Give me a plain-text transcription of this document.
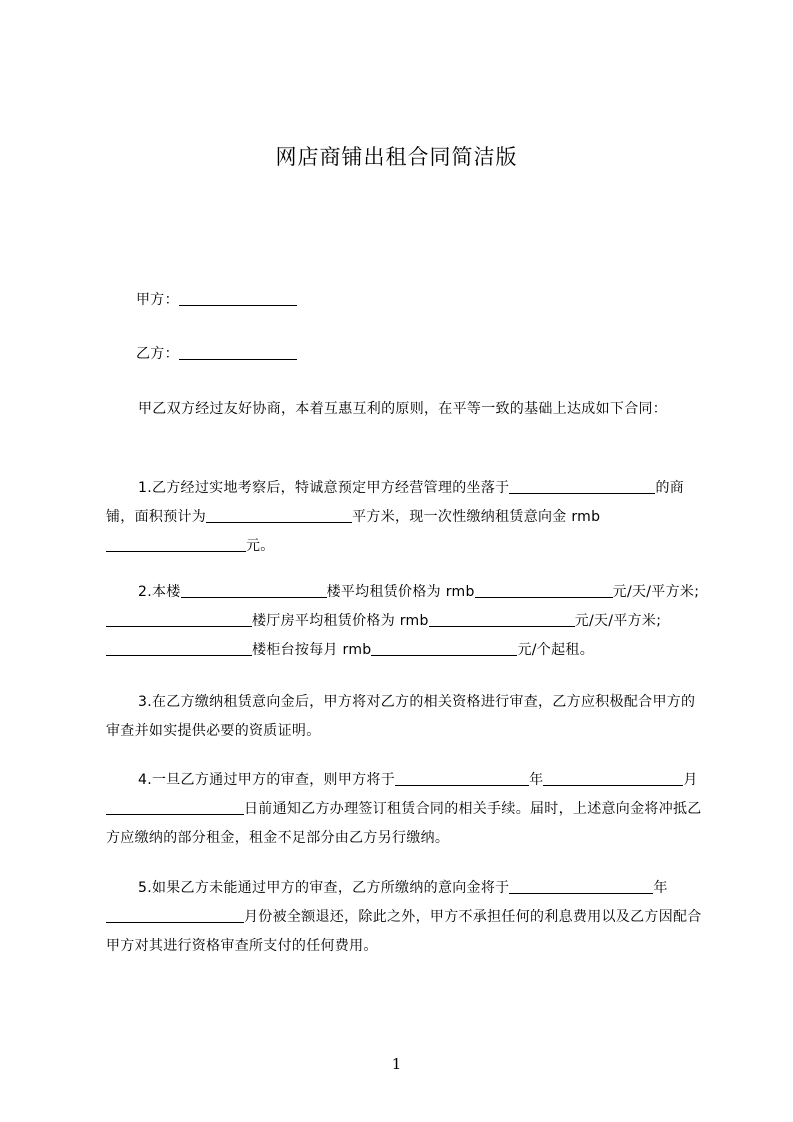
网店商铺出租合同简洁版
甲方：
乙方：
甲乙双方经过友好协商，本着互惠互利的原则，在平等一致的基础上达成如下合同：
1.乙方经过实地考察后，特诚意预定甲方经营管理的坐落于	的商铺，面积预计为	平方米，现一次性缴纳租赁意向金 rmb元。
2.本楼	楼平均租赁价格为 rmb	元/天/平方米;楼厅房平均租赁价格为 rmb	元/天/平方米;楼柜台按每月 rmb	元/个起租。
3.在乙方缴纳租赁意向金后，甲方将对乙方的相关资格进行审查，乙方应积极配合甲方的审查并如实提供必要的资质证明。
4.一旦乙方通过甲方的审查，则甲方将于	年	月日前通知乙方办理签订租赁合同的相关手续。届时，上述意向金将冲抵乙方应缴纳的部分租金，租金不足部分由乙方另行缴纳。
5.如果乙方未能通过甲方的审查，乙方所缴纳的意向金将于	年月份被全额退还，除此之外，甲方不承担任何的利息费用以及乙方因配合甲方对其进行资格审查所支付的任何费用。
1
